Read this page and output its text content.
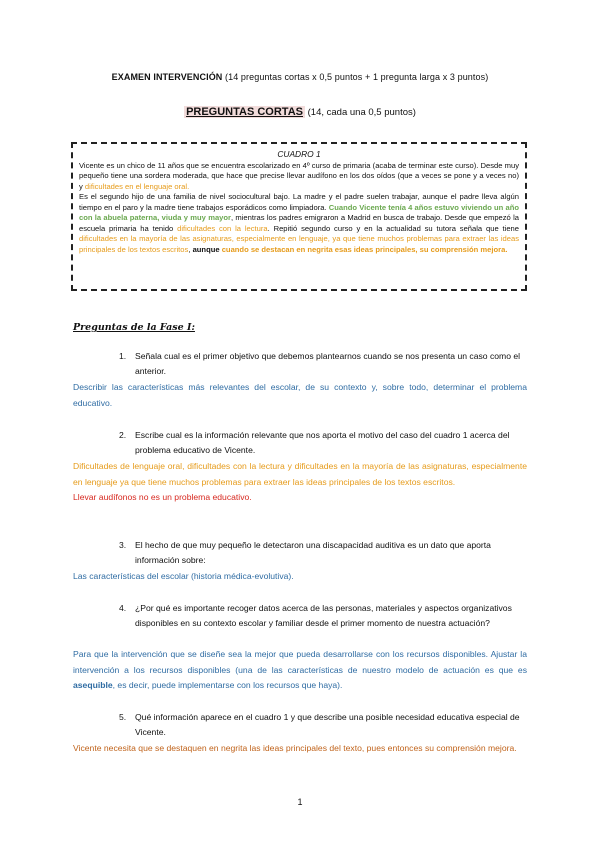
EXAMEN INTERVENCIÓN (14 preguntas cortas x 0,5 puntos + 1 pregunta larga x 3 puntos)
PREGUNTAS CORTAS (14, cada una 0,5 puntos)
CUADRO 1

Vicente es un chico de 11 años que se encuentra escolarizado en 4º curso de primaria (acaba de terminar este curso). Desde muy pequeño tiene una sordera moderada, que hace que precise llevar audífono en los dos oídos (que a veces se pone y a veces no) y dificultades en el lenguaje oral.

Es el segundo hijo de una familia de nivel sociocultural bajo. La madre y el padre suelen trabajar, aunque el padre lleva algún tiempo en el paro y la madre tiene trabajos esporádicos como limpiadora. Cuando Vicente tenía 4 años estuvo viviendo un año con la abuela paterna, viuda y muy mayor, mientras los padres emigraron a Madrid en busca de trabajo. Desde que empezó la escuela primaria ha tenido dificultades con la lectura. Repitió segundo curso y en la actualidad su tutora señala que tiene dificultades en la mayoría de las asignaturas, especialmente en lenguaje, ya que tiene muchos problemas para extraer las ideas principales de los textos escritos, aunque cuando se destacan en negrita esas ideas principales, su comprensión mejora.

Preguntas de la Fase I:
1. Señala cual es el primer objetivo que debemos plantearnos cuando se nos presenta un caso como el anterior.

Describir las características más relevantes del escolar, de su contexto y, sobre todo, determinar el problema educativo.

2. Escribe cual es la información relevante que nos aporta el motivo del caso del cuadro 1 acerca del problema educativo de Vicente.

Dificultades de lenguaje oral, dificultades con la lectura y dificultades en la mayoría de las asignaturas, especialmente en lenguaje ya que tiene muchos problemas para extraer las ideas principales de los textos escritos.

Llevar audífonos no es un problema educativo.

3. El hecho de que muy pequeño le detectaron una discapacidad auditiva es un dato que aporta información sobre:

Las características del escolar (historia médica-evolutiva).

4. ¿Por qué es importante recoger datos acerca de las personas, materiales y aspectos organizativos disponibles en su contexto escolar y familiar desde el primer momento de nuestra actuación?

Para que la intervención que se diseñe sea la mejor que pueda desarrollarse con los recursos disponibles. Ajustar la intervención a los recursos disponibles (una de las características de nuestro modelo de actuación es que es asequible, es decir, puede implementarse con los recursos que haya).

5. Qué información aparece en el cuadro 1 y que describe una posible necesidad educativa especial de Vicente.

Vicente necesita que se destaquen en negrita las ideas principales del texto, pues entonces su comprensión mejora.

1
